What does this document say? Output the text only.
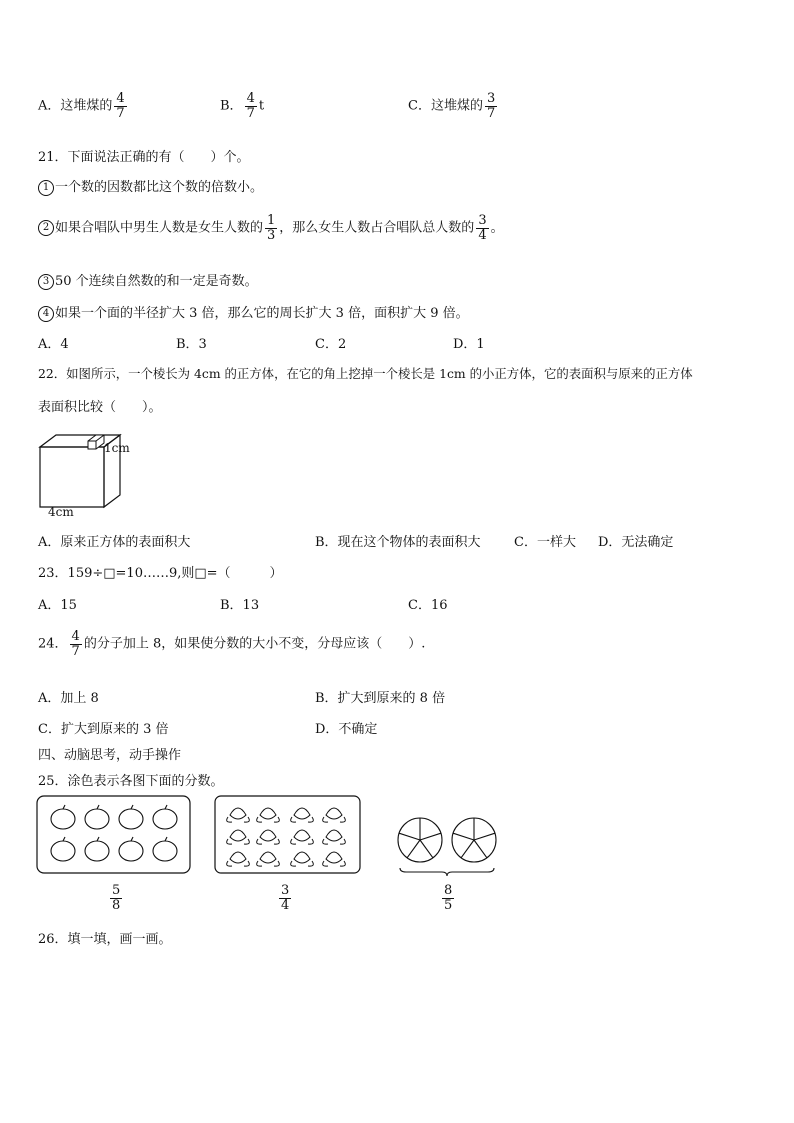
A．这堆煤的 $\frac{4}{7}$	B． $\frac{4}{7}$ t	C．这堆煤的 $\frac{3}{7}$
21．下面说法正确的有（　　）个。
1 一个数的因数都比这个数的倍数小。
2 如果合唱队中男生人数是女生人数的 $\frac{1}{3}$ ，那么女生人数占合唱队总人数的 $\frac{3}{4}$ 。
3 50 个连续自然数的和一定是奇数。
4 如果一个面的半径扩大 3 倍，那么它的周长扩大 3 倍，面积扩大 9 倍。
A．4	B．3	C．2	D．1
22．如图所示，一个棱长为 4cm 的正方体，在它的角上挖掉一个棱长是 1cm 的小正方体，它的表面积与原来的正方体
表面积比较（　　）。
1cm
4cm
A．原来正方体的表面积大	B．现在这个物体的表面积大	C．一样大 D．无法确定
23．159÷□=10……9,则□=（　　　）
A．15	B．13	C．16
24． $\frac{4}{7}$ 的分子加上 8，如果使分数的大小不变，分母应该（　　）.
A．加上 8	B．扩大到原来的 8 倍
C．扩大到原来的 3 倍	D．不确定
四、动脑思考，动手操作
25．涂色表示各图下面的分数。
$\frac{5}{8}$	$\frac{3}{4}$	$\frac{8}{5}$
26．填一填，画一画。
